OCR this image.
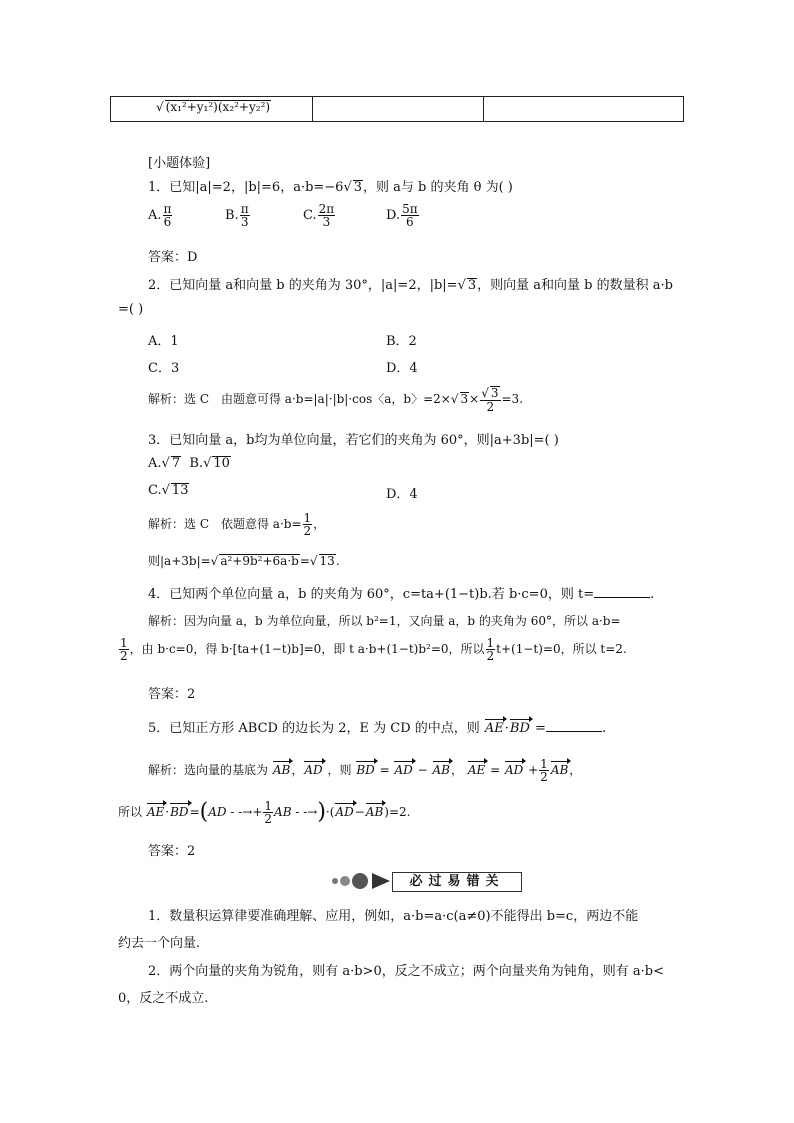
√ (x₁²+y₁²)(x₂²+y₂²)
[小题体验]
1．已知|a|=2，|b|=6，a·b=−6√ 3，则 a与 b 的夹角 θ 为( )
A. $\frac{\pi}{6}$	B. $\frac{\pi}{3}$	C. $\frac{2\pi}{3}$	D. $\frac{5\pi}{6}$
答案：D
2．已知向量 a和向量 b 的夹角为 30°，|a|=2，|b|=√ 3，则向量 a和向量 b 的数量积 a·b
=( )
A．1	B．2
C．3	D．4
解析：选 C　由题意可得 a·b=|a|·|b|·cos〈a，b〉=2×√ $3\times \frac{√ 3}{2} =3$.
3．已知向量 a，b均为单位向量，若它们的夹角为 60°，则|a+3b|=( )
A.√ 7 B.√ 10
C.√ 13	D．4
解析：选 C　依题意得 $a\cdot b= \frac{1}{2}$ ，
则|a+3b|=√ a²+9b²+6a·b=√ 13.
4．已知两个单位向量 a，b 的夹角为 60°，c=ta+(1−t)b.若 b·c=0，则 t=	.
解析：因为向量 a，b 为单位向量，所以 b²=1，又向量 a，b 的夹角为 60°，所以 a·b=
$\frac{1}{2}$ ，由 b·c=0，得 b·[ta+(1−t)b]=0，即 t a·b+(1−t)b²=0，所以 $\frac{1}{2} t+(1-t)=0$，所以 t=2.
答案：2
5．已知正方形 ABCD 的边长为 2，E 为 CD 的中点，则 AE·BD =	.
解析：选向量的基底为 AB，AD ，则 BD = AD − AB， AE = AD + $\frac{1}{2}$ AB，
所以 AE·BD=(AD - -→+ $\frac{1}{2}$ AB - -→)·(AD−AB)=2.
答案：2
必过易错关
1．数量积运算律要准确理解、应用，例如，a·b=a·c(a≠0)不能得出 b=c，两边不能
约去一个向量.
2．两个向量的夹角为锐角，则有 a·b>0，反之不成立；两个向量夹角为钝角，则有 a·b<
0，反之不成立.
